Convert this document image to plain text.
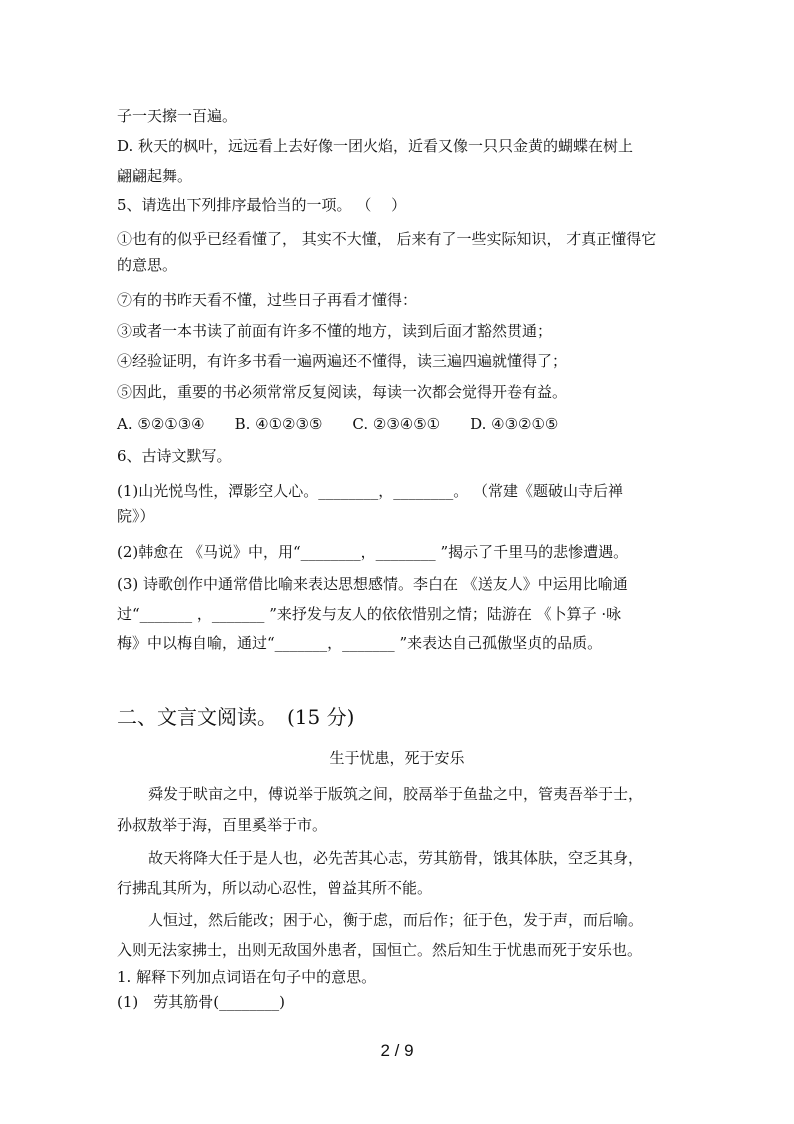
子一天擦一百遍。
D. 秋天的枫叶，远远看上去好像一团火焰，近看又像一只只金黄的蝴蝶在树上
翩翩起舞。
5、请选出下列排序最恰当的一项。 （　 ）
①也有的似乎已经看懂了， 其实不大懂， 后来有了一些实际知识， 才真正懂得它
的意思。
⑦有的书昨天看不懂，过些日子再看才懂得：
③或者一本书读了前面有许多不懂的地方，读到后面才豁然贯通；
④经验证明，有许多书看一遍两遍还不懂得，读三遍四遍就懂得了；
⑤因此，重要的书必须常常反复阅读，每读一次都会觉得开卷有益。
A. ⑤②①③④　　B. ④①②③⑤　　C. ②③④⑤①　　D. ④③②①⑤
6、古诗文默写。
(1)山光悦鸟性，潭影空人心。________，________。 （常建《题破山寺后禅
院》）
(2)韩愈在 《马说》中，用“________，________ ”揭示了千里马的悲惨遭遇。
(3) 诗歌创作中通常借比喻来表达思想感情。李白在 《送友人》中运用比喻通
过“_______ ，_______ ”来抒发与友人的依依惜别之情；陆游在 《卜算子 ·咏
梅》中以梅自喻，通过“_______，_______ ”来表达自己孤傲坚贞的品质。
二、文言文阅读。　(15 分)
生于忧患，死于安乐
舜发于畎亩之中，傅说举于版筑之间，胶鬲举于鱼盐之中，管夷吾举于士，
孙叔敖举于海，百里奚举于市。
故天将降大任于是人也，必先苦其心志，劳其筋骨，饿其体肤，空乏其身，
行拂乱其所为，所以动心忍性，曾益其所不能。
人恒过，然后能改；困于心，衡于虑，而后作；征于色，发于声，而后喻。
入则无法家拂士，出则无敌国外患者，国恒亡。然后知生于忧患而死于安乐也。
1. 解释下列加点词语在句子中的意思。
(1)　劳其筋骨(________)
2 / 9
